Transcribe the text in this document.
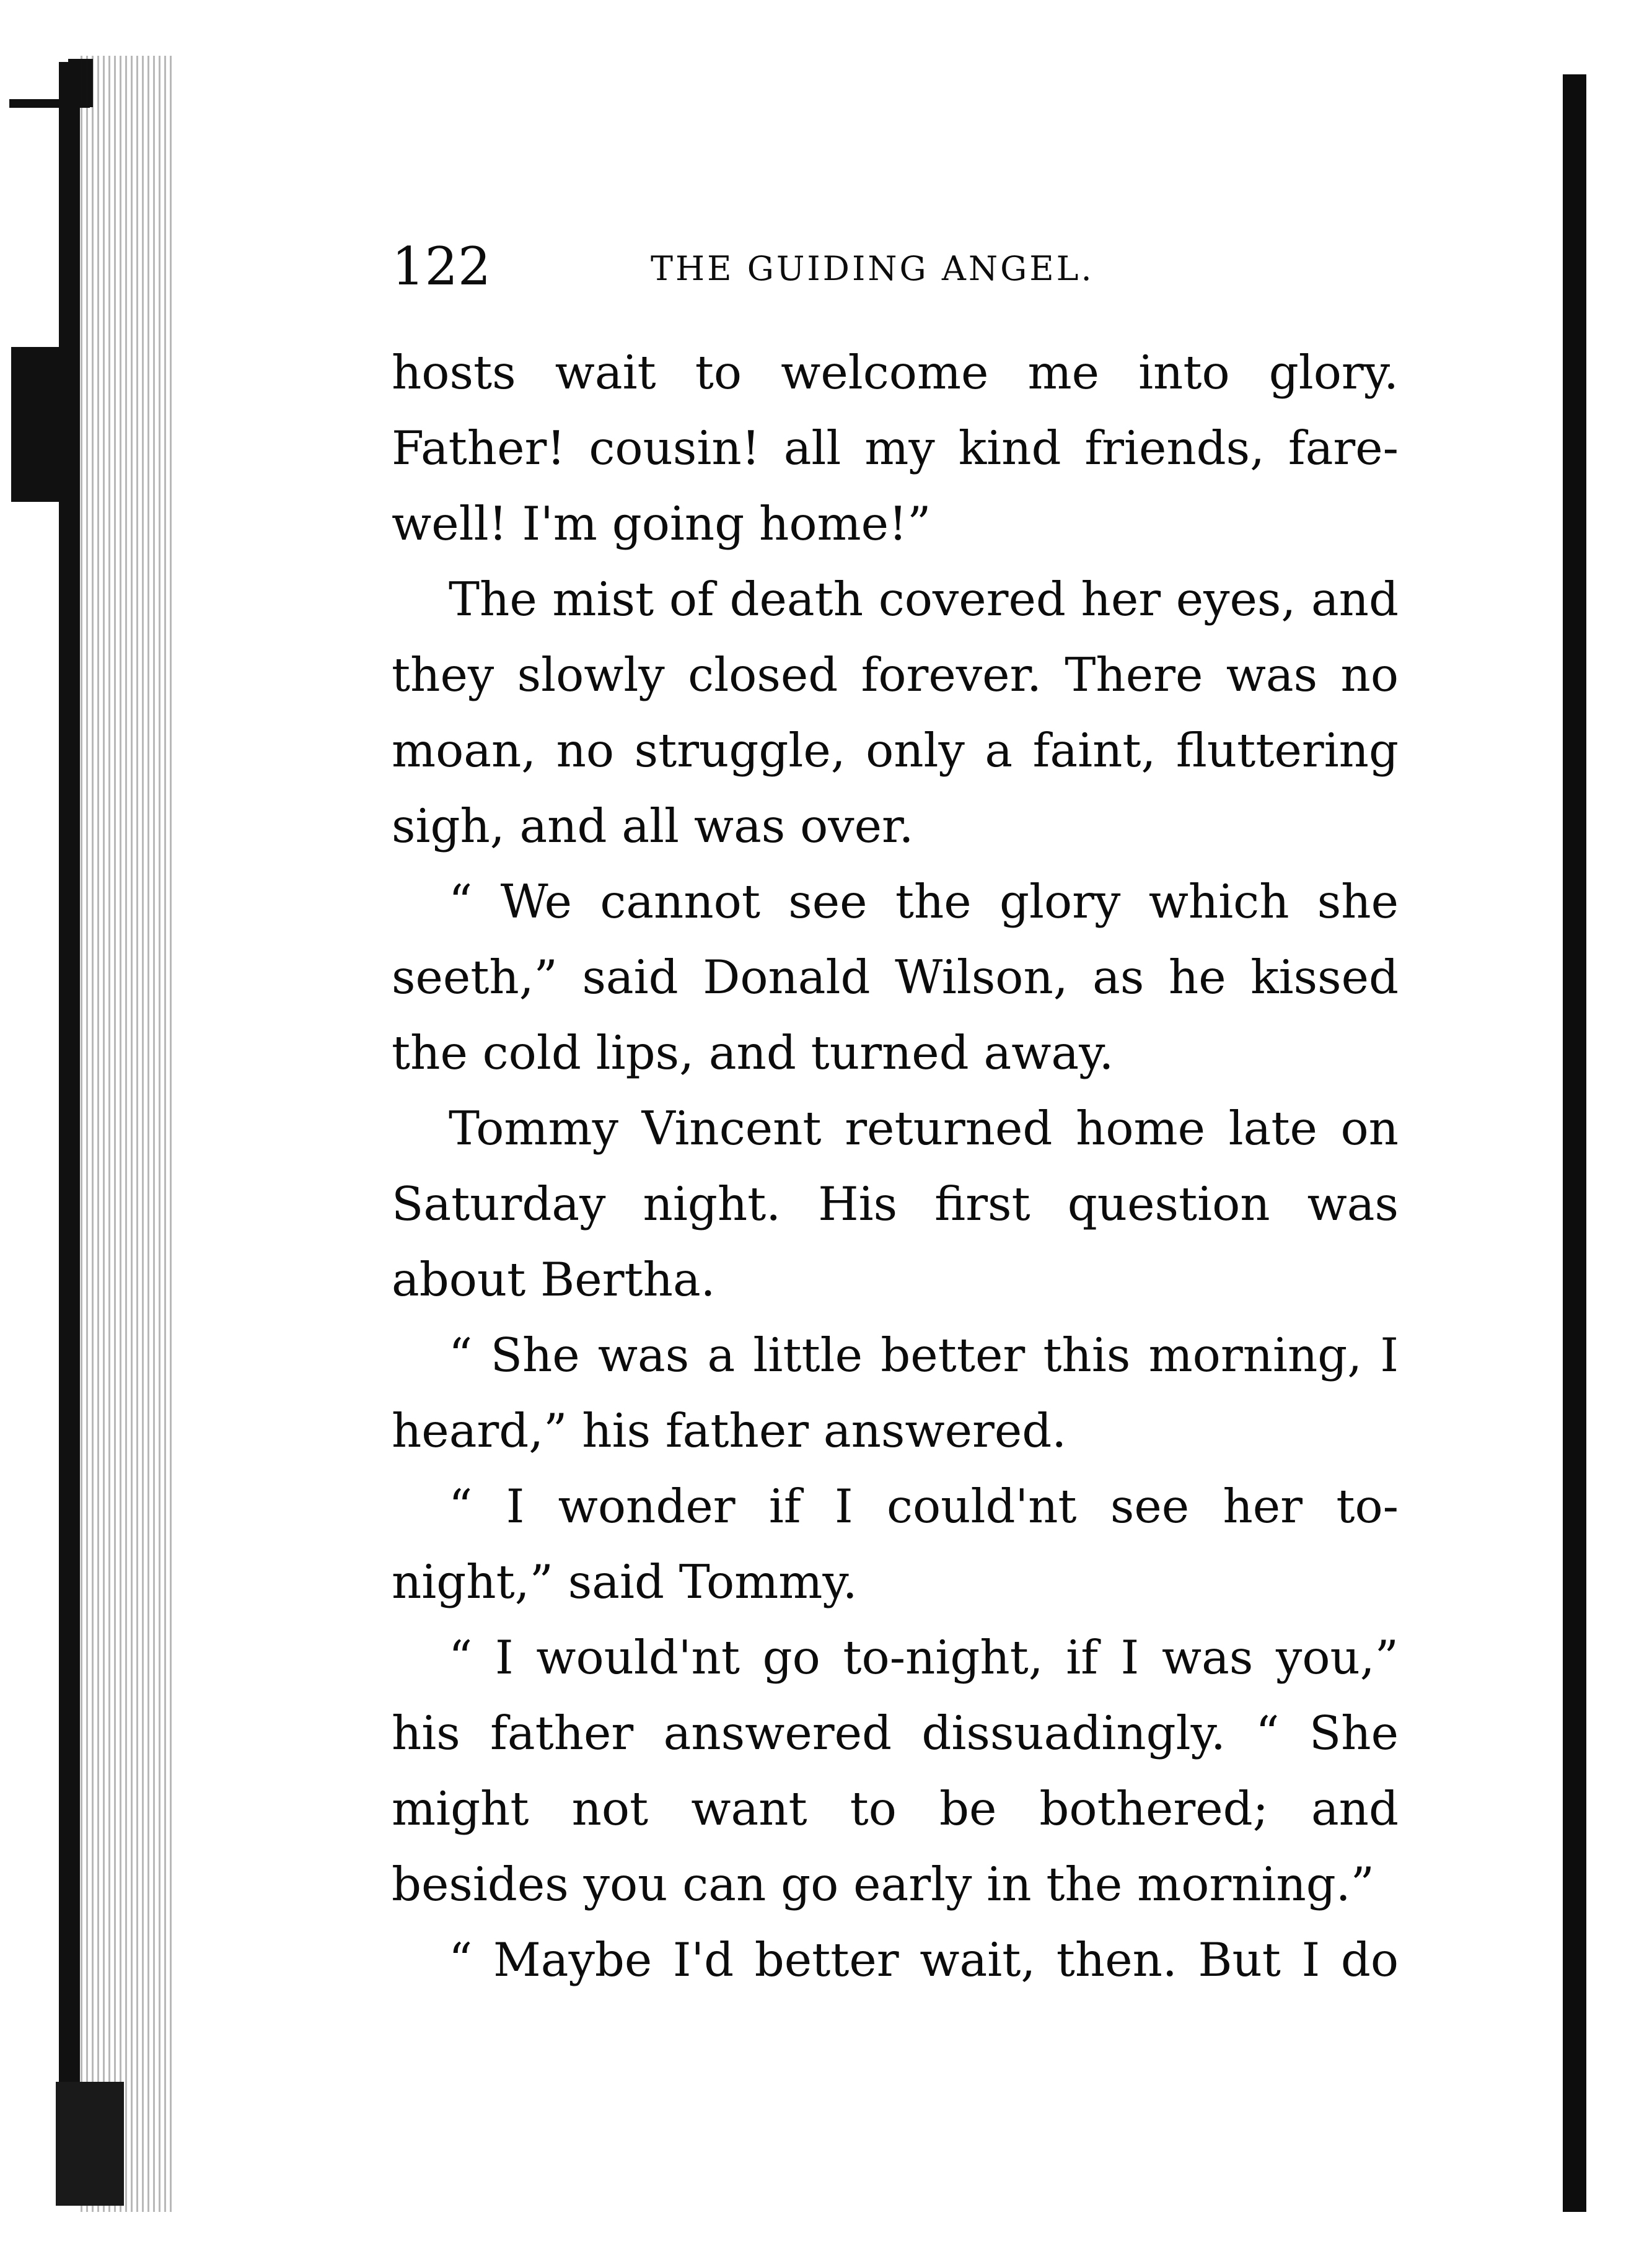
122	THE GUIDING ANGEL.

hosts wait to welcome me into glory. Father! cousin! all my kind friends, fare-well! I'm going home!”

The mist of death covered her eyes, and they slowly closed forever. There was no moan, no struggle, only a faint, fluttering sigh, and all was over.

“ We cannot see the glory which she seeth,” said Donald Wilson, as he kissed the cold lips, and turned away.

Tommy Vincent returned home late on Saturday night. His first question was about Bertha.

“ She was a little better this morning, I heard,” his father answered.

“ I wonder if I could'nt see her to-night,” said Tommy.

“ I would'nt go to-night, if I was you,” his father answered dissuadingly. “ She might not want to be bothered; and besides you can go early in the morning.”

“ Maybe I'd better wait, then. But I do
